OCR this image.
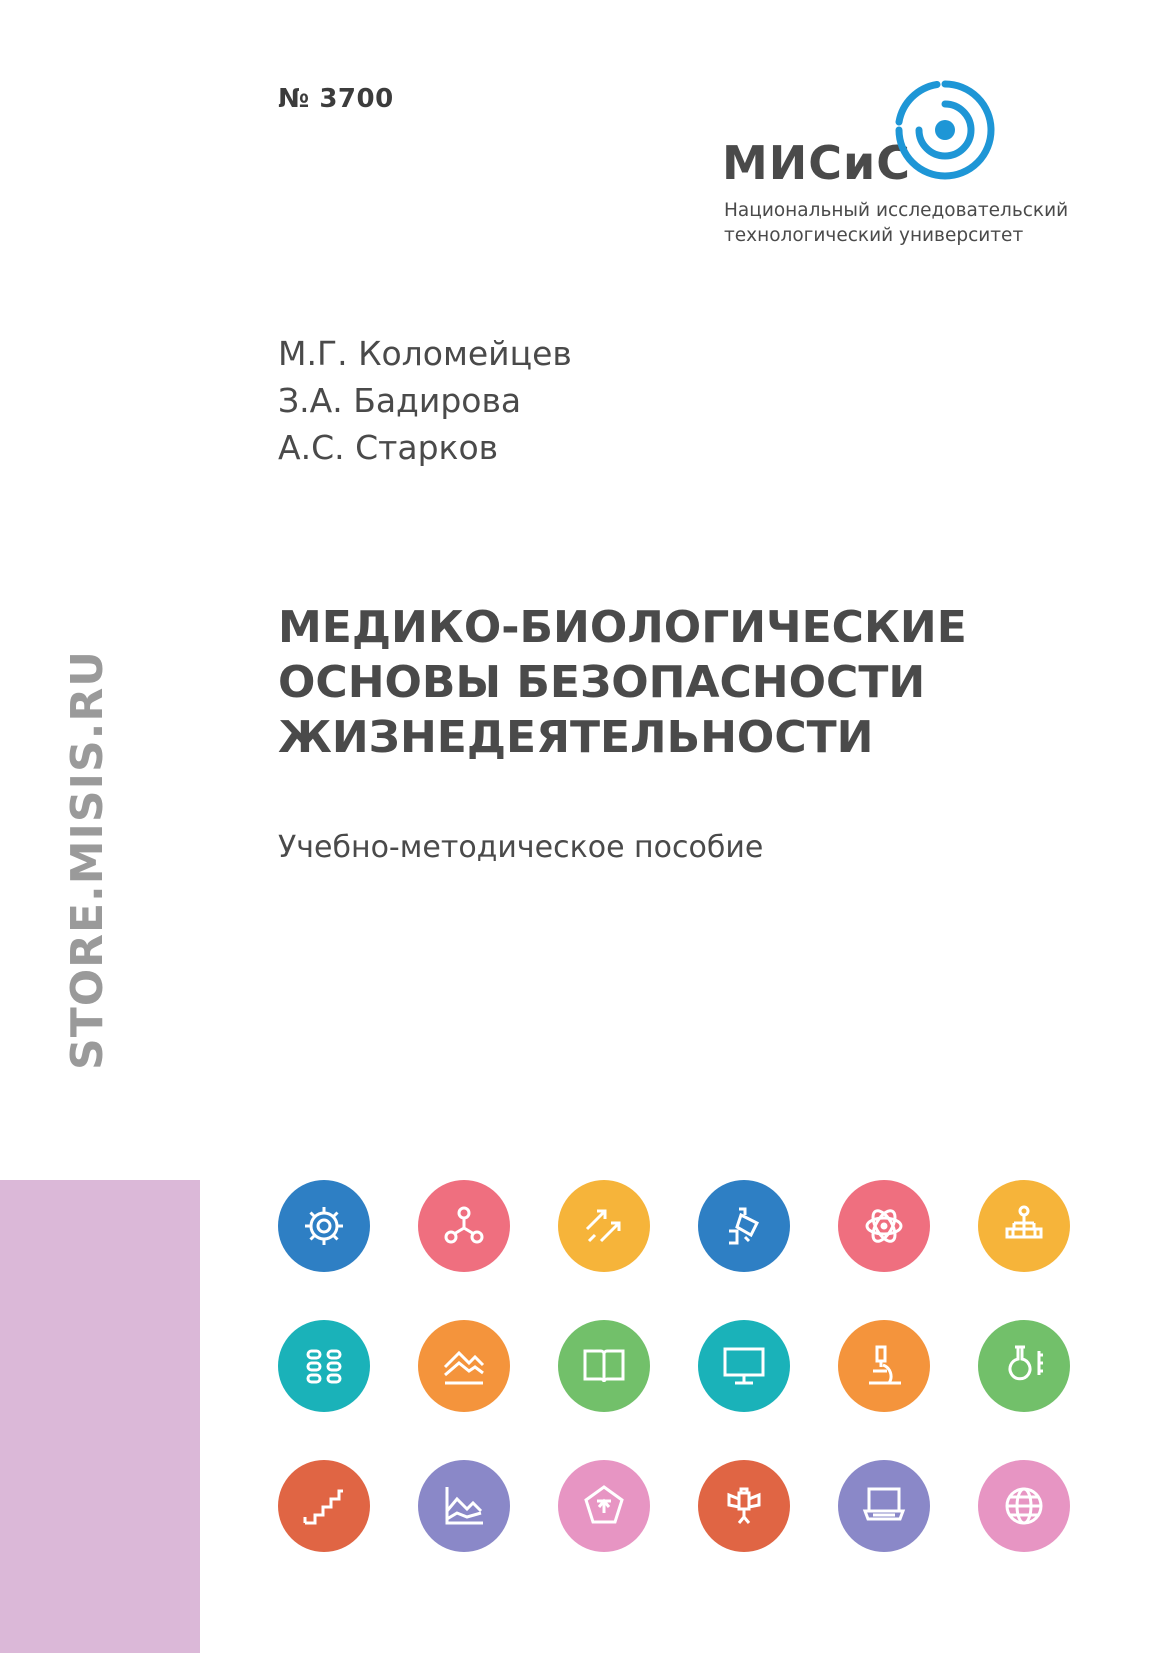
№ 3700
МИСиС
Национальный исследовательский
технологический университет
М.Г. Коломейцев
З.А. Бадирова
А.С. Старков
МЕДИКО-БИОЛОГИЧЕСКИЕ
ОСНОВЫ БЕЗОПАСНОСТИ
ЖИЗНЕДЕЯТЕЛЬНОСТИ
Учебно-методическое пособие
STORE.MISIS.RU
